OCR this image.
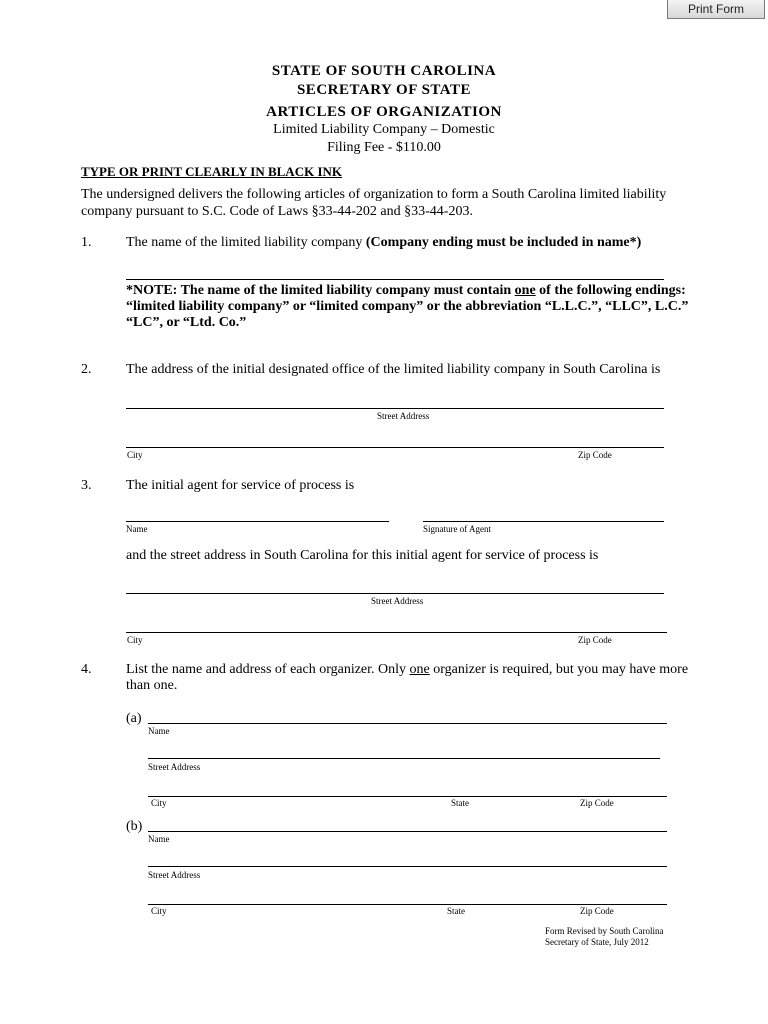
Print Form
STATE OF SOUTH CAROLINA
SECRETARY OF STATE
ARTICLES OF ORGANIZATION
Limited Liability Company – Domestic
Filing Fee - $110.00
TYPE OR PRINT CLEARLY IN BLACK INK
The undersigned delivers the following articles of organization to form a South Carolina limited liability
company pursuant to S.C. Code of Laws §33-44-202 and §33-44-203.
1. The name of the limited liability company (Company ending must be included in name*)
*NOTE: The name of the limited liability company must contain one of the following endings:
“limited liability company” or “limited company” or the abbreviation “L.L.C.”, “LLC”, L.C.”
“LC”, or “Ltd. Co.”
2. The address of the initial designated office of the limited liability company in South Carolina is
Street Address
City	Zip Code
3. The initial agent for service of process is
Name	Signature of Agent
and the street address in South Carolina for this initial agent for service of process is
Street Address
City	Zip Code
4. List the name and address of each organizer. Only one organizer is required, but you may have more
than one.
(a)
Name
Street Address
City	State	Zip Code
(b)
Name
Street Address
City	State	Zip Code
Form Revised by South Carolina
Secretary of State, July 2012
